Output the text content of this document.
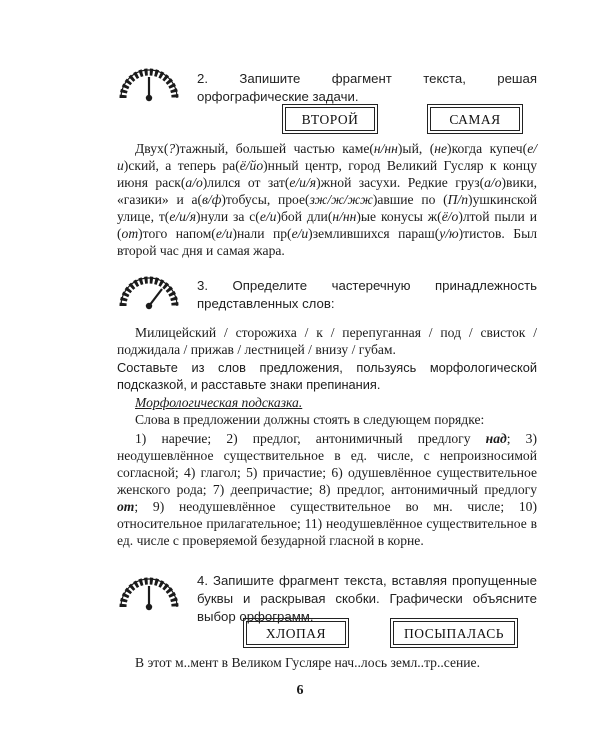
2. Запишите фрагмент текста, решая орфографические задачи.
ВТОРОЙ	САМАЯ
Двух(?)тажный, большей частью каме(н/нн)ый, (не)когда купеч(е/и)ский, а теперь ра(ё/йо)нный центр, город Великий Гусляр к концу июня раск(а/о)лился от зат(е/и/я)жной засухи. Редкие груз(а/о)вики, «газики» и а(в/ф)тобусы, прое(зж/ж/жж)авшие по (П/п)ушкинской улице, т(е/и/я)нули за с(е/и)бой дли(н/нн)ые конусы ж(ё/о)лтой пыли и (от)того напом(е/и)нали пр(е/и)землившихся параш(у/ю)тистов. Был второй час дня и самая жара.
3. Определите частеречную принадлежность представленных слов:
Милицейский / сторожиха / к / перепуганная / под / свисток / поджидала / прижав / лестницей / внизу / губам.
Составьте из слов предложения, пользуясь морфологической подсказкой, и расставьте знаки препинания.

Морфологическая подсказка.

Слова в предложении должны стоять в следующем порядке:

1) наречие; 2) предлог, антонимичный предлогу над; 3) неодушевлённое существительное в ед. числе, с непроизносимой согласной; 4) глагол; 5) причастие; 6) одушевлённое существительное женского рода; 7) деепричастие; 8) предлог, антонимичный предлогу от; 9) неодушевлённое существительное во мн. числе; 10) относительное прилагательное; 11) неодушевлённое существительное в ед. числе с проверяемой безударной гласной в корне.

4. Запишите фрагмент текста, вставляя пропущенные буквы и раскрывая скобки. Графически объясните выбор орфограмм.
ХЛОПАЯ	ПОСЫПАЛАСЬ
В этот м..мент в Великом Гусляре нач..лось земл..тр..сение.
6
